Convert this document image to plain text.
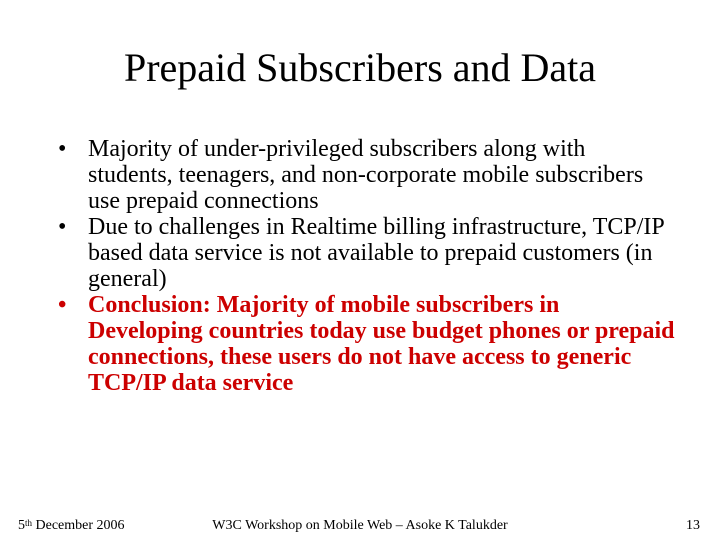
Prepaid Subscribers and Data
• Majority of under-privileged subscribers along with students, teenagers, and non-corporate mobile subscribers use prepaid connections
• Due to challenges in Realtime billing infrastructure, TCP/IP based data service is not available to prepaid customers (in general)
• Conclusion: Majority of mobile subscribers in Developing countries today use budget phones or prepaid connections, these users do not have access to generic TCP/IP data service
5th December 2006	W3C Workshop on Mobile Web – Asoke K Talukder	13
